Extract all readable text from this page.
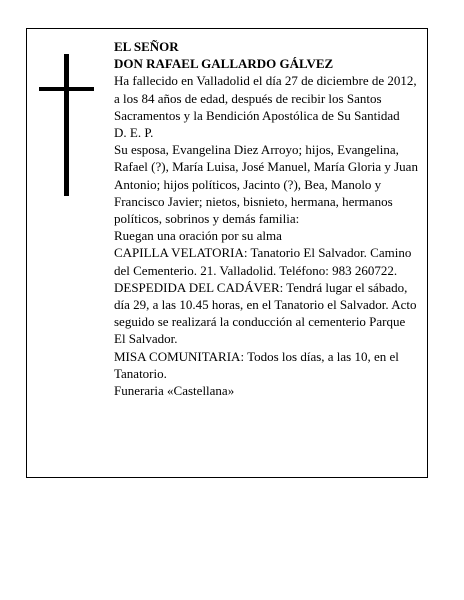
EL SEÑOR

DON RAFAEL GALLARDO GÁLVEZ

Ha fallecido en Valladolid el día 27 de diciembre de 2012, a los 84 años de edad, después de recibir los Santos Sacramentos y la Bendición Apostólica de Su Santidad

D. E. P.

Su esposa, Evangelina Diez Arroyo; hijos, Evangelina, Rafael (?), María Luisa, José Manuel, María Gloria y Juan Antonio; hijos políticos, Jacinto (?), Bea, Manolo y Francisco Javier; nietos, bisnieto, hermana, hermanos políticos, sobrinos y demás familia:

Ruegan una oración por su alma

CAPILLA VELATORIA: Tanatorio El Salvador. Camino del Cementerio. 21. Valladolid. Teléfono: 983 260722.

DESPEDIDA DEL CADÁVER: Tendrá lugar el sábado, día 29, a las 10.45 horas, en el Tanatorio el Salvador. Acto seguido se realizará la conducción al cementerio Parque El Salvador.

MISA COMUNITARIA: Todos los días, a las 10, en el Tanatorio.

Funeraria «Castellana»
